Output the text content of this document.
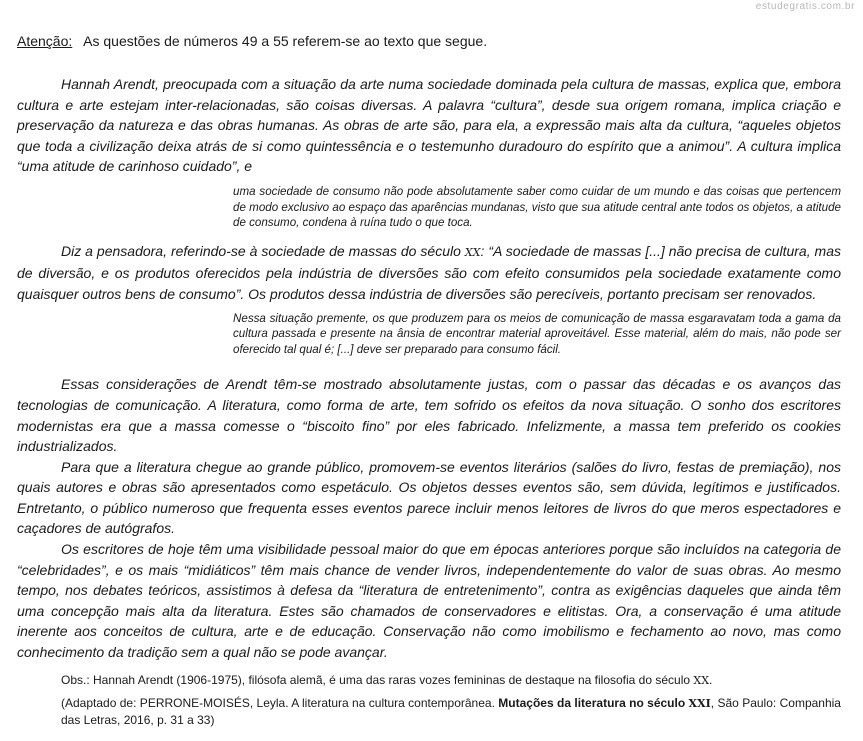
estudegratis.com.br
Atenção: As questões de números 49 a 55 referem-se ao texto que segue.

Hannah Arendt, preocupada com a situação da arte numa sociedade dominada pela cultura de massas, explica que, embora cultura e arte estejam inter-relacionadas, são coisas diversas. A palavra “cultura”, desde sua origem romana, implica criação e preservação da natureza e das obras humanas. As obras de arte são, para ela, a expressão mais alta da cultura, “aqueles objetos que toda a civilização deixa atrás de si como quintessência e o testemunho duradouro do espírito que a animou”. A cultura implica “uma atitude de carinhoso cuidado”, e

uma sociedade de consumo não pode absolutamente saber como cuidar de um mundo e das coisas que pertencem de modo exclusivo ao espaço das aparências mundanas, visto que sua atitude central ante todos os objetos, a atitude de consumo, condena à ruína tudo o que toca.

Diz a pensadora, referindo-se à sociedade de massas do século XX: “A sociedade de massas [...] não precisa de cultura, mas de diversão, e os produtos oferecidos pela indústria de diversões são com efeito consumidos pela sociedade exatamente como quaisquer outros bens de consumo”. Os produtos dessa indústria de diversões são perecíveis, portanto precisam ser renovados.

Nessa situação premente, os que produzem para os meios de comunicação de massa esgaravatam toda a gama da cultura passada e presente na ânsia de encontrar material aproveitável. Esse material, além do mais, não pode ser oferecido tal qual é; [...] deve ser preparado para consumo fácil.

Essas considerações de Arendt têm-se mostrado absolutamente justas, com o passar das décadas e os avanços das tecnologias de comunicação. A literatura, como forma de arte, tem sofrido os efeitos da nova situação. O sonho dos escritores modernistas era que a massa comesse o “biscoito fino” por eles fabricado. Infelizmente, a massa tem preferido os cookies industrializados.

Para que a literatura chegue ao grande público, promovem-se eventos literários (salões do livro, festas de premiação), nos quais autores e obras são apresentados como espetáculo. Os objetos desses eventos são, sem dúvida, legítimos e justificados. Entretanto, o público numeroso que frequenta esses eventos parece incluir menos leitores de livros do que meros espectadores e caçadores de autógrafos.

Os escritores de hoje têm uma visibilidade pessoal maior do que em épocas anteriores porque são incluídos na categoria de “celebridades”, e os mais “midiáticos” têm mais chance de vender livros, independentemente do valor de suas obras. Ao mesmo tempo, nos debates teóricos, assistimos à defesa da “literatura de entretenimento”, contra as exigências daqueles que ainda têm uma concepção mais alta da literatura. Estes são chamados de conservadores e elitistas. Ora, a conservação é uma atitude inerente aos conceitos de cultura, arte e de educação. Conservação não como imobilismo e fechamento ao novo, mas como conhecimento da tradição sem a qual não se pode avançar.

Obs.: Hannah Arendt (1906-1975), filósofa alemã, é uma das raras vozes femininas de destaque na filosofia do século XX.
(Adaptado de: PERRONE-MOISÉS, Leyla. A literatura na cultura contemporânea. Mutações da literatura no século XXI, São Paulo: Companhia das Letras, 2016, p. 31 a 33)
